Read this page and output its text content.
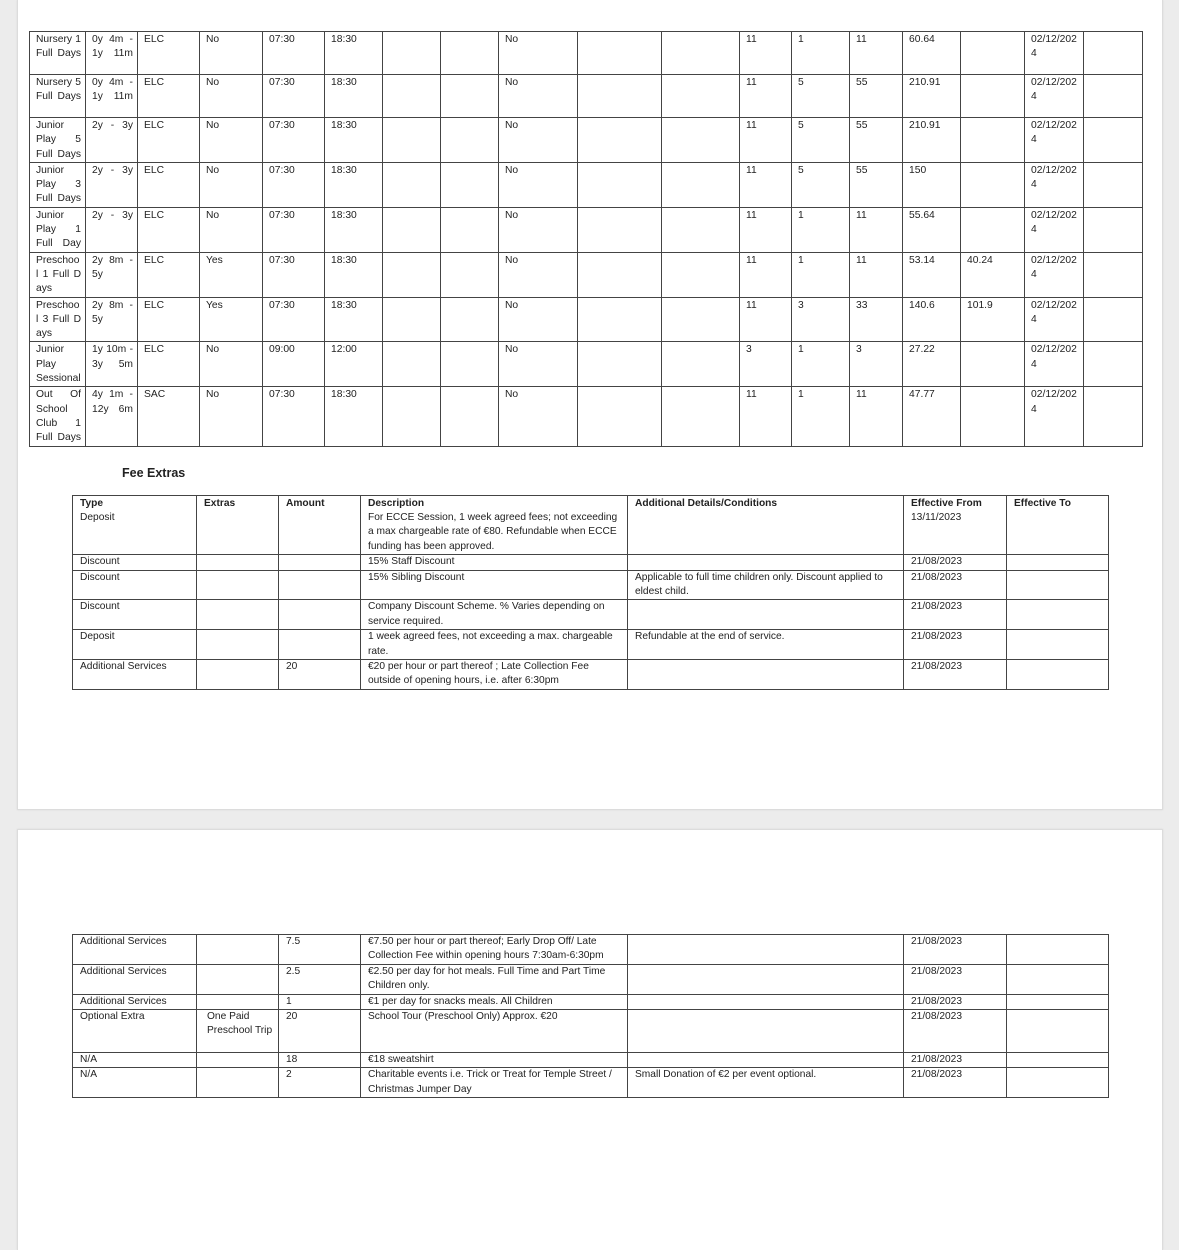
Nursery 1 Full Days	0y 4m - 1y 11m	ELC	No	07:30	18:30			No			11	1	11	60.64		02/12/2024	
Nursery 5 Full Days	0y 4m - 1y 11m	ELC	No	07:30	18:30			No			11	5	55	210.91		02/12/2024	
Junior Play 5 Full Days	2y - 3y	ELC	No	07:30	18:30			No			11	5	55	210.91		02/12/2024	
Junior Play 3 Full Days	2y - 3y	ELC	No	07:30	18:30			No			11	5	55	150		02/12/2024	
Junior Play 1 Full Day	2y - 3y	ELC	No	07:30	18:30			No			11	1	11	55.64		02/12/2024	
Preschool 1 Full Days	2y 8m - 5y	ELC	Yes	07:30	18:30			No			11	1	11	53.14	40.24	02/12/2024	
Preschool 3 Full Days	2y 8m - 5y	ELC	Yes	07:30	18:30			No			11	3	33	140.6	101.9	02/12/2024	
Junior Play Sessional	1y 10m - 3y 5m	ELC	No	09:00	12:00			No			3	1	3	27.22		02/12/2024	
Out Of School Club 1 Full Days	4y 1m - 12y 6m	SAC	No	07:30	18:30			No			11	1	11	47.77		02/12/2024	
Fee Extras
Type	Extras	Amount	Description	Additional Details/Conditions	Effective From	Effective To
Deposit			For ECCE Session, 1 week agreed fees; not exceeding a max chargeable rate of €80. Refundable when ECCE funding has been approved.		13/11/2023	
Discount			15% Staff Discount		21/08/2023	
Discount			15% Sibling Discount	Applicable to full time children only. Discount applied to eldest child.	21/08/2023	
Discount			Company Discount Scheme. % Varies depending on service required.		21/08/2023	
Deposit			1 week agreed fees, not exceeding a max. chargeable rate.	Refundable at the end of service.	21/08/2023	
Additional Services		20	€20 per hour or part thereof ; Late Collection Fee outside of opening hours, i.e. after 6:30pm		21/08/2023	
Additional Services		7.5	€7.50 per hour or part thereof; Early Drop Off/ Late Collection Fee within opening hours 7:30am-6:30pm		21/08/2023	
Additional Services		2.5	€2.50 per day for hot meals. Full Time and Part Time Children only.		21/08/2023	
Additional Services		1	€1 per day for snacks meals. All Children		21/08/2023	
Optional Extra	One Paid Preschool Trip	20	School Tour (Preschool Only) Approx. €20		21/08/2023	
N/A		18	€18 sweatshirt		21/08/2023	
N/A		2	Charitable events i.e. Trick or Treat for Temple Street / Christmas Jumper Day	Small Donation of €2 per event optional.	21/08/2023	
